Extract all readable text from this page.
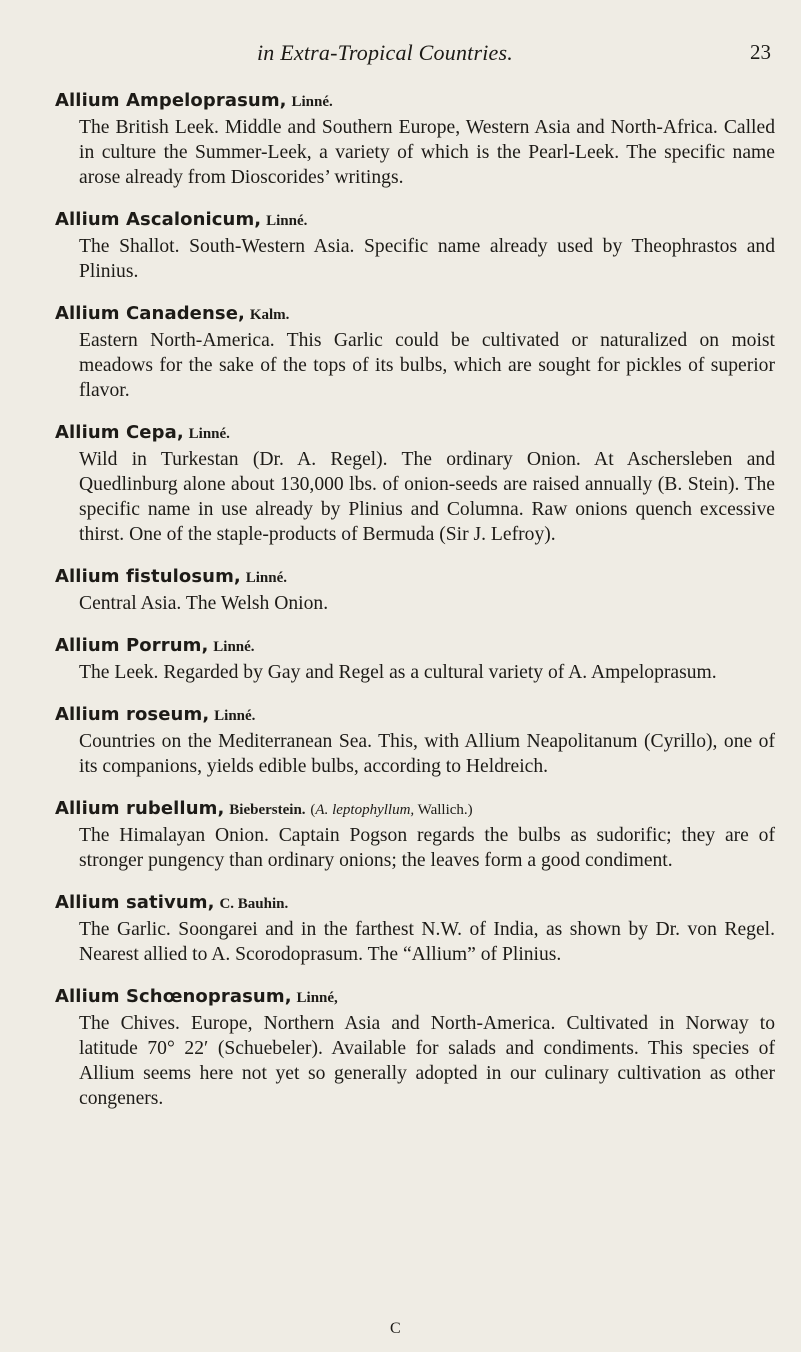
in Extra-Tropical Countries.	23
Allium Ampeloprasum, Linné.
The British Leek. Middle and Southern Europe, Western Asia and North-Africa. Called in culture the Summer-Leek, a variety of which is the Pearl-Leek. The specific name arose already from Dioscorides’ writings.
Allium Ascalonicum, Linné.
The Shallot. South-Western Asia. Specific name already used by Theophrastos and Plinius.
Allium Canadense, Kalm.
Eastern North-America. This Garlic could be cultivated or naturalized on moist meadows for the sake of the tops of its bulbs, which are sought for pickles of superior flavor.
Allium Cepa, Linné.
Wild in Turkestan (Dr. A. Regel). The ordinary Onion. At Aschersleben and Quedlinburg alone about 130,000 lbs. of onion-seeds are raised annually (B. Stein). The specific name in use already by Plinius and Columna. Raw onions quench excessive thirst. One of the staple-products of Bermuda (Sir J. Lefroy).
Allium fistulosum, Linné.
Central Asia. The Welsh Onion.
Allium Porrum, Linné.
The Leek. Regarded by Gay and Regel as a cultural variety of A. Ampeloprasum.
Allium roseum, Linné.
Countries on the Mediterranean Sea. This, with Allium Neapolitanum (Cyrillo), one of its companions, yields edible bulbs, according to Heldreich.
Allium rubellum, Bieberstein. (A. leptophyllum, Wallich.)
The Himalayan Onion. Captain Pogson regards the bulbs as sudorific; they are of stronger pungency than ordinary onions; the leaves form a good condiment.
Allium sativum, C. Bauhin.
The Garlic. Soongarei and in the farthest N.W. of India, as shown by Dr. von Regel. Nearest allied to A. Scorodoprasum. The “Allium” of Plinius.
Allium Schœnoprasum, Linné,
The Chives. Europe, Northern Asia and North-America. Cultivated in Norway to latitude 70° 22′ (Schuebeler). Available for salads and condiments. This species of Allium seems here not yet so generally adopted in our culinary cultivation as other congeners.
C
